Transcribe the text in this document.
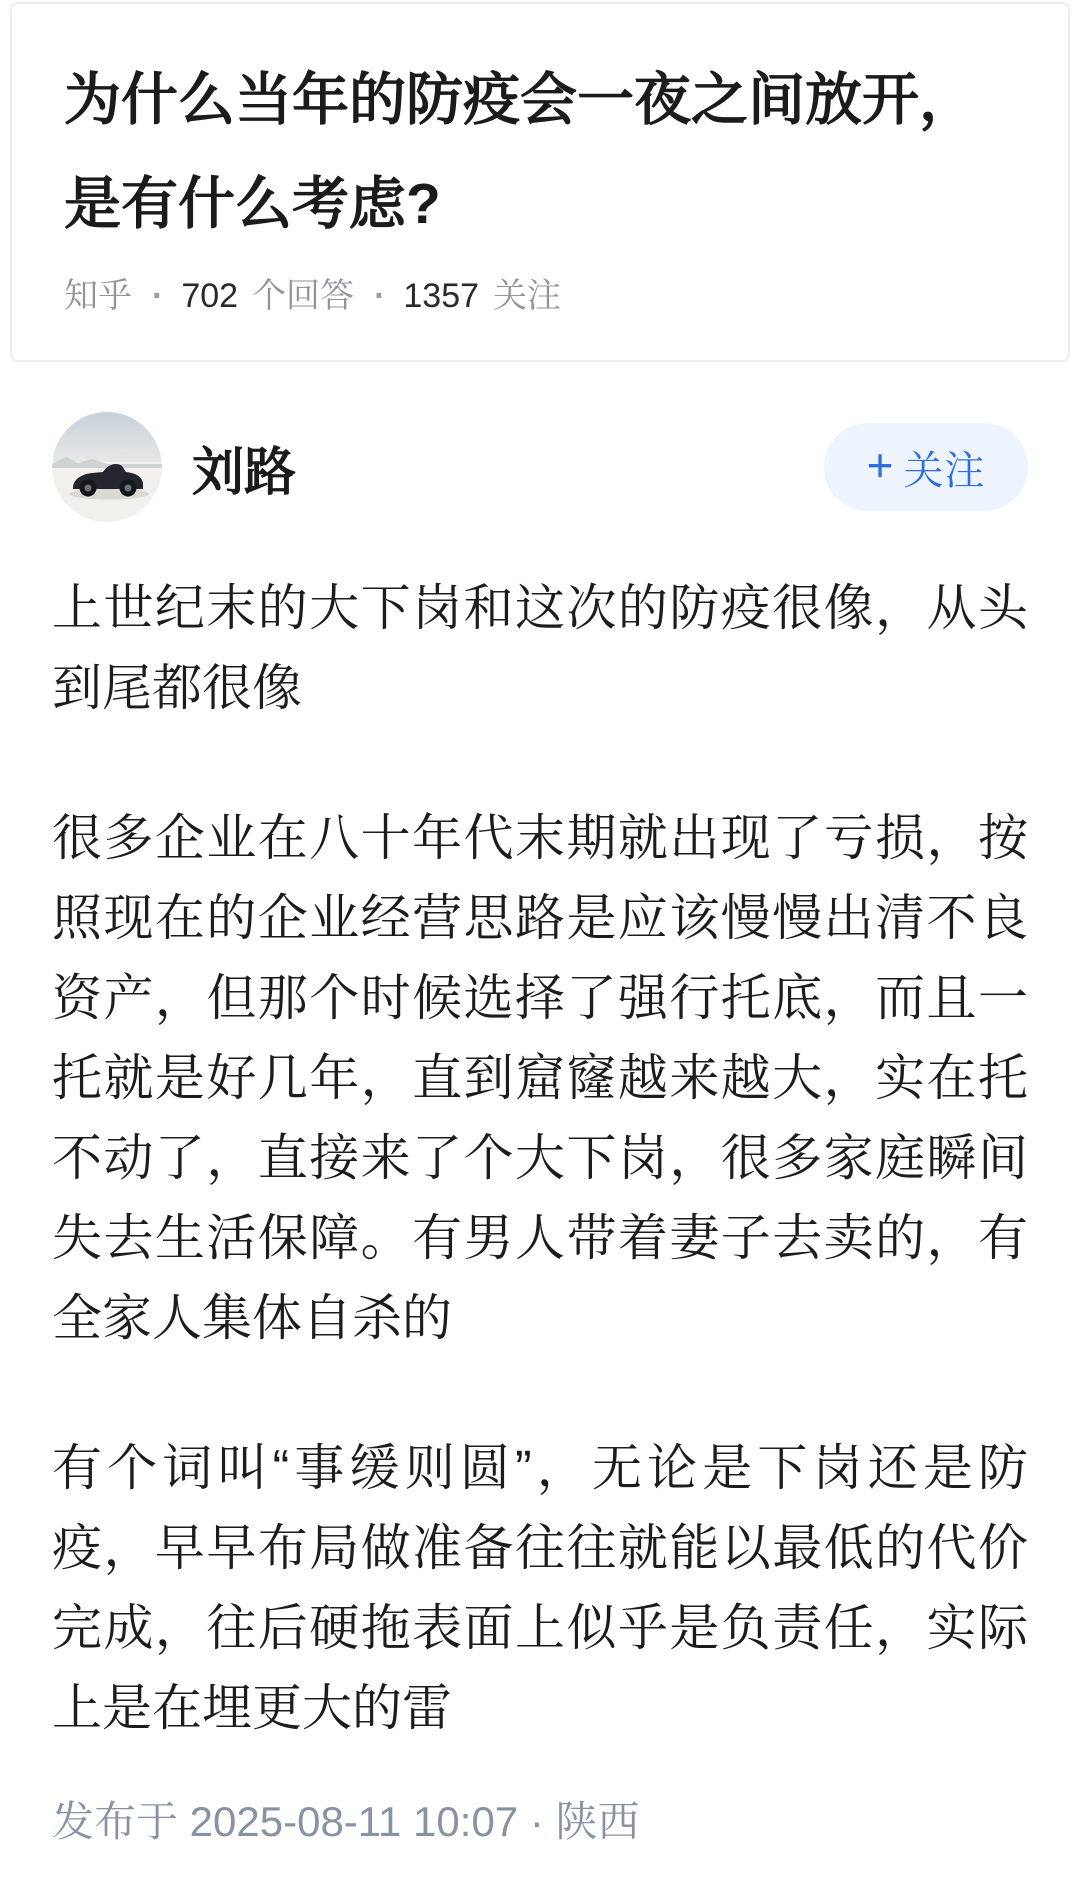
为什么当年的防疫会一夜之间放开，是有什么考虑?
知乎 · 702 个回答 · 1357 关注
刘路	+ 关注

上世纪末的大下岗和这次的防疫很像，从头到尾都很像

很多企业在八十年代末期就出现了亏损，按照现在的企业经营思路是应该慢慢出清不良资产，但那个时候选择了强行托底，而且一托就是好几年，直到窟窿越来越大，实在托不动了，直接来了个大下岗，很多家庭瞬间失去生活保障。有男人带着妻子去卖的，有全家人集体自杀的

有个词叫“事缓则圆”，无论是下岗还是防疫，早早布局做准备往往就能以最低的代价完成，往后硬拖表面上似乎是负责任，实际上是在埋更大的雷

发布于 2025-08-11 10:07 · 陕西
